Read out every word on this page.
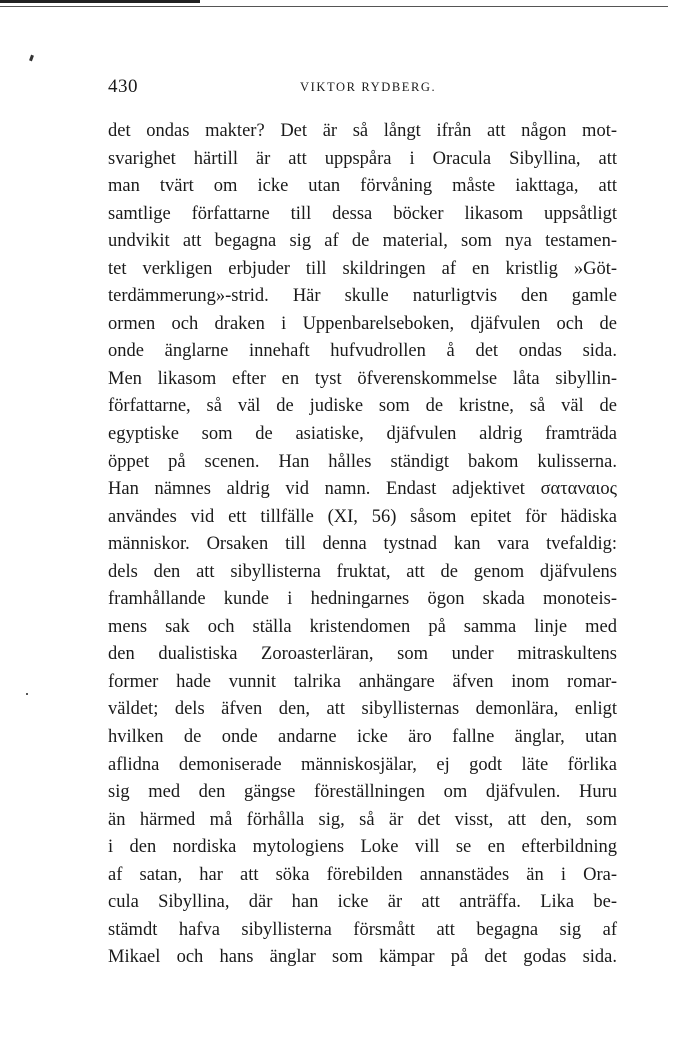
430	VIKTOR RYDBERG.
det ondas makter? Det är så långt ifrån att någon mot-
svarighet härtill är att uppspåra i Oracula Sibyllina, att
man tvärt om icke utan förvåning måste iakttaga, att
samtlige författarne till dessa böcker likasom uppsåtligt
undvikit att begagna sig af de material, som nya testamen-
tet verkligen erbjuder till skildringen af en kristlig »Göt-
terdämmerung»-strid. Här skulle naturligtvis den gamle
ormen och draken i Uppenbarelseboken, djäfvulen och de
onde änglarne innehaft hufvudrollen å det ondas sida.
Men likasom efter en tyst öfverenskommelse låta sibyllin-
författarne, så väl de judiske som de kristne, så väl de
egyptiske som de asiatiske, djäfvulen aldrig framträda
öppet på scenen. Han hålles ständigt bakom kulisserna.
Han nämnes aldrig vid namn. Endast adjektivet σαταναιος
användes vid ett tillfälle (XI, 56) såsom epitet för hädiska
människor. Orsaken till denna tystnad kan vara tvefaldig:
dels den att sibyllisterna fruktat, att de genom djäfvulens
framhållande kunde i hedningarnes ögon skada monoteis-
mens sak och ställa kristendomen på samma linje med
den dualistiska Zoroasterläran, som under mitraskultens
former hade vunnit talrika anhängare äfven inom romar-
väldet; dels äfven den, att sibyllisternas demonlära, enligt
hvilken de onde andarne icke äro fallne änglar, utan
aflidna demoniserade människosjälar, ej godt läte förlika
sig med den gängse föreställningen om djäfvulen. Huru
än härmed må förhålla sig, så är det visst, att den, som
i den nordiska mytologiens Loke vill se en efterbildning
af satan, har att söka förebilden annanstädes än i Ora-
cula Sibyllina, där han icke är att anträffa. Lika be-
stämdt hafva sibyllisterna försmått att begagna sig af
Mikael och hans änglar som kämpar på det godas sida.
